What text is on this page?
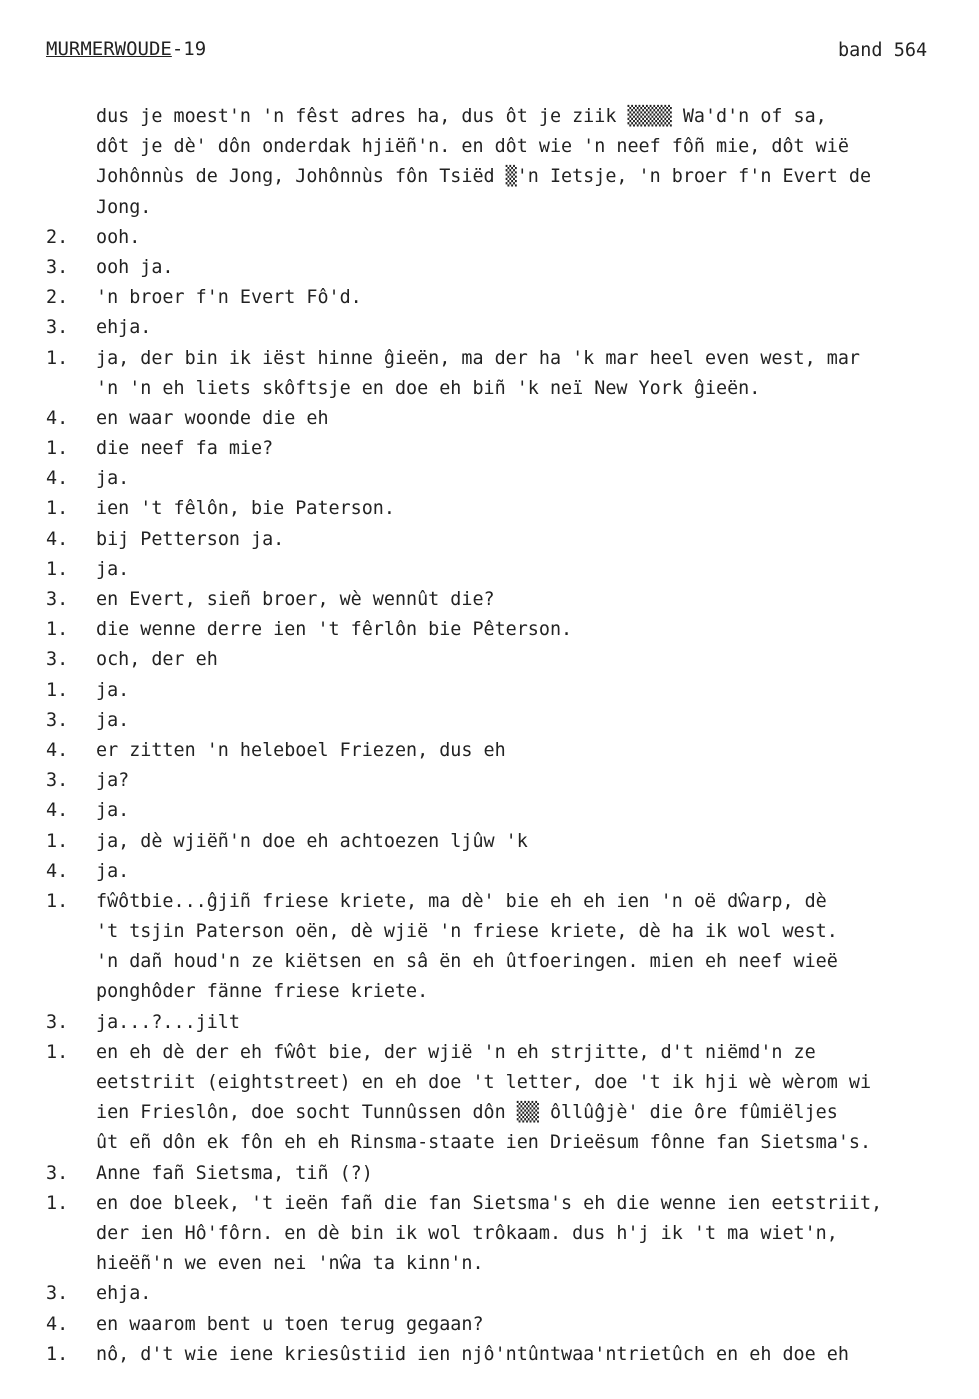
MURMERWOUDE-19	band 564
dus je moest'n 'n fêst adres ha, dus ôt je ziik ▒▒▒▒ Wa'd'n of sa,
dôt je dè' dôn onderdak hjiëñ'n. en dôt wie 'n neef fôñ mie, dôt wië
Johônnùs de Jong, Johônnùs fôn Tsiëd ▒'n Ietsje, 'n broer f'n Evert de
Jong.
2. ooh.
3. ooh ja.
2. 'n broer f'n Evert Fô'd.
3. ehja.
1. ja, der bin ik iëst hinne ĝieën, ma der ha 'k mar heel even west, mar
'n 'n eh liets skôftsje en doe eh biñ 'k neï New York ĝieën.
4. en waar woonde die eh
1. die neef fa mie?
4. ja.
1. ien 't fêlôn, bie Paterson.
4. bij Petterson ja.
1. ja.
3. en Evert, sieñ broer, wè wennût die?
1. die wenne derre ien 't fêrlôn bie Pêterson.
3. och, der eh
1. ja.
3. ja.
4. er zitten 'n heleboel Friezen, dus eh
3. ja?
4. ja.
1. ja, dè wjiëñ'n doe eh achtoezen ljûw 'k
4. ja.
1. fŵôtbie...ĝjiñ friese kriete, ma dè' bie eh eh ien 'n oë dŵarp, dè
't tsjin Paterson oën, dè wjië 'n friese kriete, dè ha ik wol west.
'n dañ houd'n ze kiëtsen en sâ ën eh ûtfoeringen. mien eh neef wieë
ponghôder fänne friese kriete.
3. ja...?...jilt
1. en eh dè der eh fŵôt bie, der wjië 'n eh strjitte, d't niëmd'n ze
eetstriit (eightstreet) en eh doe 't letter, doe 't ik hji wè wèrom wi
ien Frieslôn, doe socht Tunnûssen dôn ▒▒ ôllûĝjè' die ôre fûmiëljes
ût eñ dôn ek fôn eh eh Rinsma-staate ien Drieësum fônne fan Sietsma's.
3. Anne fañ Sietsma, tiñ (?)
1. en doe bleek, 't ieën fañ die fan Sietsma's eh die wenne ien eetstriit,
der ien Hô'fôrn. en dè bin ik wol trôkaam. dus h'j ik 't ma wiet'n,
hieëñ'n we even nei 'nŵa ta kinn'n.
3. ehja.
4. en waarom bent u toen terug gegaan?
1. nô, d't wie iene kriesûstiid ien njô'ntûntwaa'ntrietûch en eh doe eh
